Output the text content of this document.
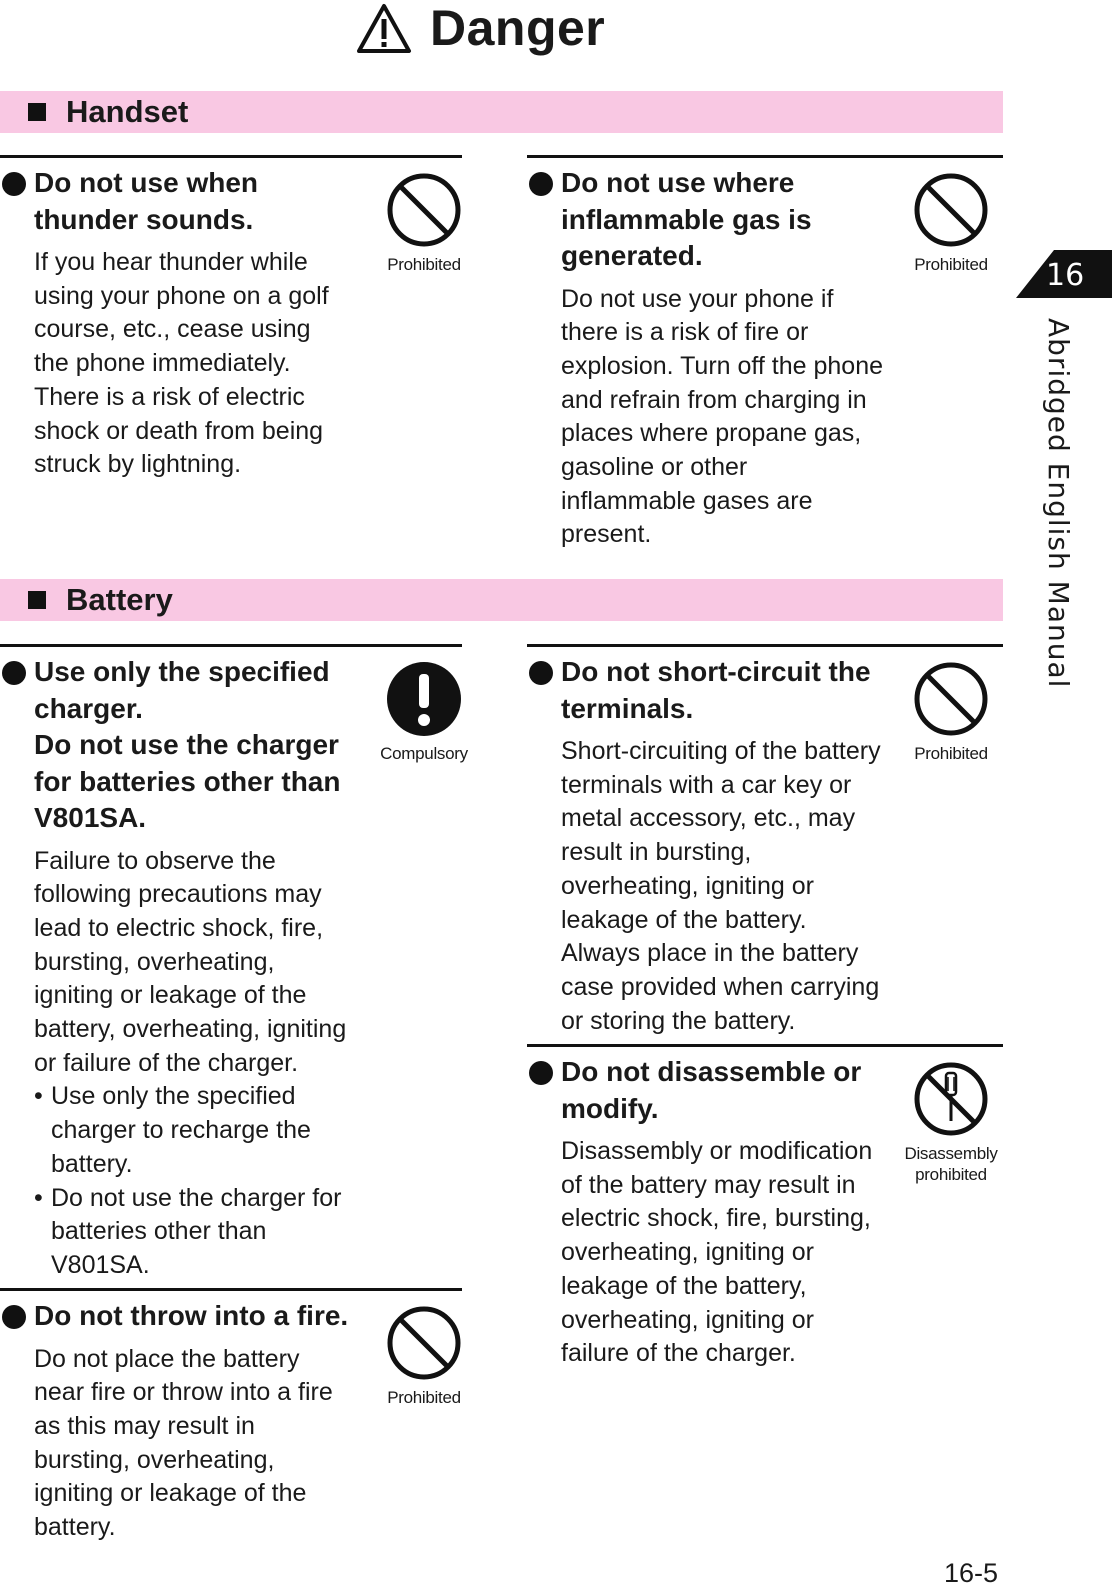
Danger
Handset
Do not use when
thunder sounds.
If you hear thunder while
using your phone on a golf
course, etc., cease using
the phone immediately.
There is a risk of electric
shock or death from being
struck by lightning.
Prohibited
Do not use where
inflammable gas is
generated.
Do not use your phone if
there is a risk of fire or
explosion. Turn off the phone
and refrain from charging in
places where propane gas,
gasoline or other
inflammable gases are
present.
Prohibited 16
Abridged English Manual
Battery
Use only the specified
charger.
Do not use the charger
for batteries other than
V801SA.
Failure to observe the
following precautions may
lead to electric shock, fire,
bursting, overheating,
igniting or leakage of the
battery, overheating, igniting
or failure of the charger.
• Use only the specified
charger to recharge the
battery.
• Do not use the charger for
batteries other than
V801SA.
Compulsory
Do not short-circuit the
terminals.
Short-circuiting of the battery
terminals with a car key or
metal accessory, etc., may
result in bursting,
overheating, igniting or
leakage of the battery.
Always place in the battery
case provided when carrying
or storing the battery.
Prohibited
Do not disassemble or
modify.
Disassembly or modification
of the battery may result in
electric shock, fire, bursting,
overheating, igniting or
leakage of the battery,
overheating, igniting or
failure of the charger.
Disassembly
prohibited
Do not throw into a fire.
Do not place the battery
near fire or throw into a fire
as this may result in
bursting, overheating,
igniting or leakage of the
battery.
Prohibited
16-5
